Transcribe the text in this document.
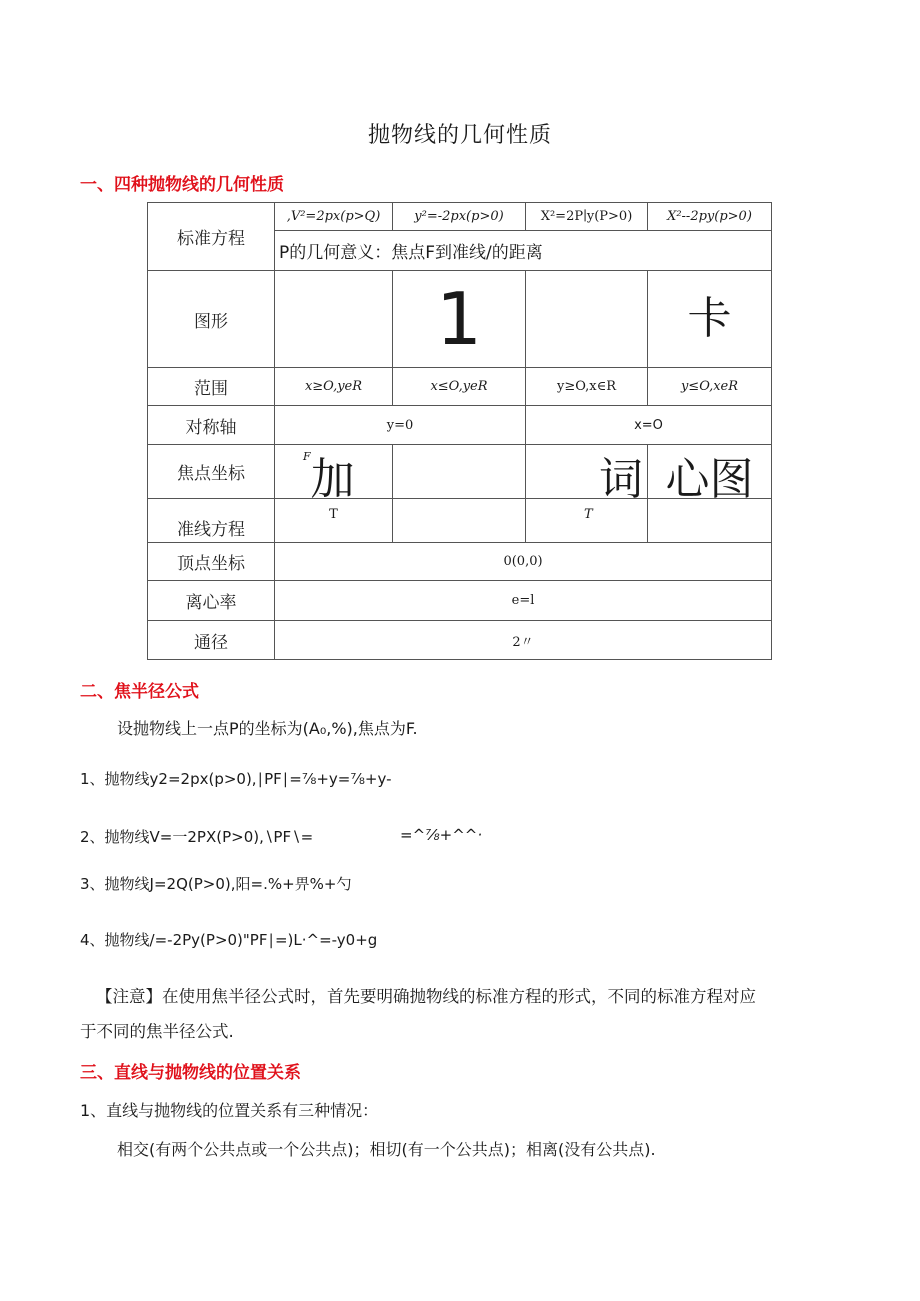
抛物线的几何性质
一、四种抛物线的几何性质
标准方程	,V²=2px(p>Q)	y²=-2px(p>0)	X²=2P∣y(P>0)	X²--2py(p>0)
	P的几何意义：焦点F到准线/的距离			
图形		1		卡
范围	x≥O,yeR	x≤O,yeR	y≥O,x∈R	y≤O,xeR
对称轴	y=0		x=O	
焦点坐标	$^F$加		词	心图
准线方程	T		T	
顶点坐标	0(0,0)			
离心率	e=l			
通径	2〃			
二、焦半径公式
设抛物线上一点P的坐标为(A₀,%),焦点为F.
1、抛物线y2=2px(p>0),∣PF∣=⅞+y=⅞+y-
2、抛物线V=一2PX(P>0),∖PF∖=	=^⅞+^^·
3、抛物线J=2Q(P>0),阳=.%+畀%+勺
4、抛物线/=-2Py(P>0)"PF∣=)L·^=-y0+g
【注意】在使用焦半径公式时，首先要明确抛物线的标准方程的形式，不同的标准方程对应
于不同的焦半径公式.
三、直线与抛物线的位置关系
1、直线与抛物线的位置关系有三种情况：
相交(有两个公共点或一个公共点)；相切(有一个公共点)；相离(没有公共点).
